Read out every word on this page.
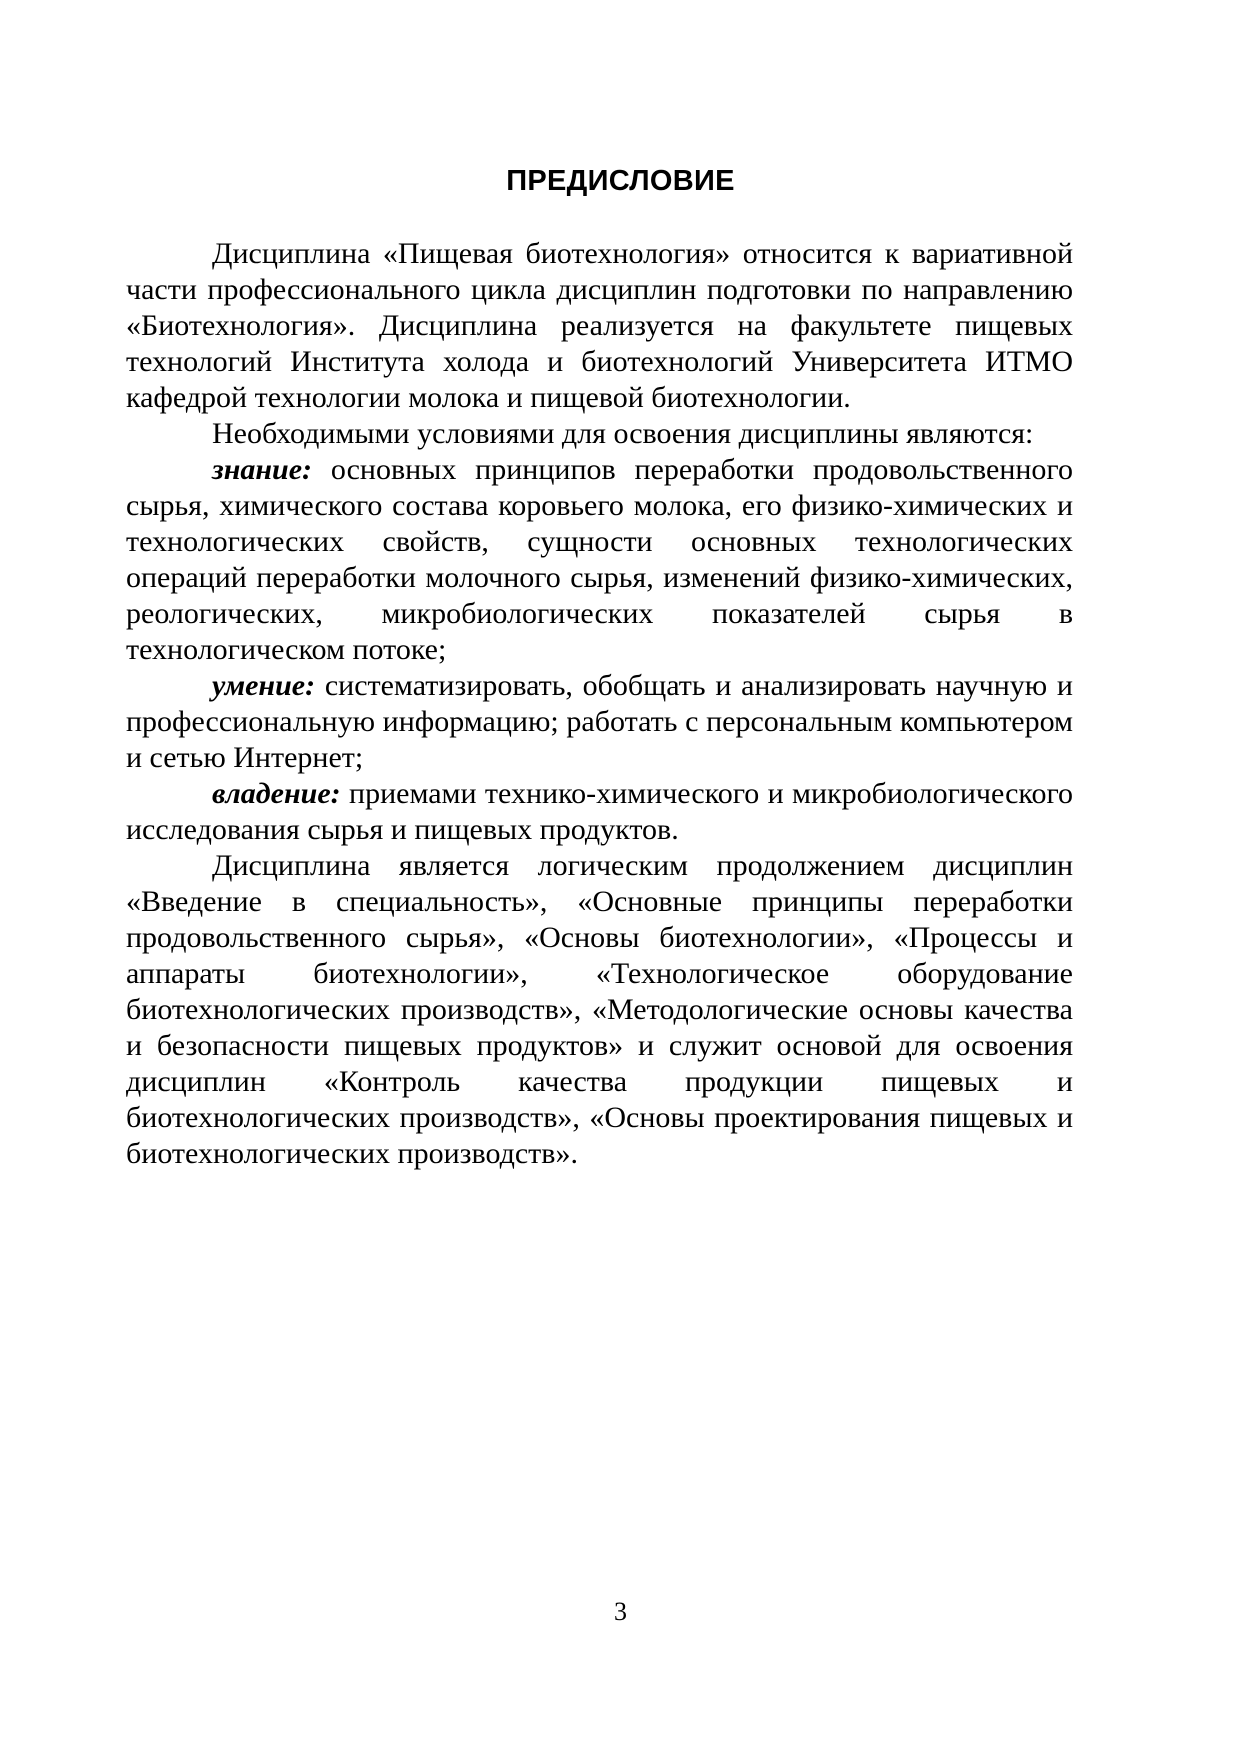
ПРЕДИСЛОВИЕ

Дисциплина «Пищевая биотехнология» относится к вариативной части профессионального цикла дисциплин подготовки по направлению «Биотехнология». Дисциплина реализуется на факультете пищевых технологий Института холода и биотехнологий Университета ИТМО кафедрой технологии молока и пищевой биотехнологии.

Необходимыми условиями для освоения дисциплины являются:

знание: основных принципов переработки продовольственного сырья, химического состава коровьего молока, его физико-химических и технологических свойств, сущности основных технологических операций переработки молочного сырья, изменений физико-химических, реологических, микробиологических показателей сырья в технологическом потоке;

умение: систематизировать, обобщать и анализировать научную и профессиональную информацию; работать с персональным компьютером и сетью Интернет;

владение: приемами технико-химического и микробиологического исследования сырья и пищевых продуктов.

Дисциплина является логическим продолжением дисциплин «Введение в специальность», «Основные принципы переработки продовольственного сырья», «Основы биотехнологии», «Процессы и аппараты биотехнологии», «Технологическое оборудование биотехнологических производств», «Методологические основы качества и безопасности пищевых продуктов» и служит основой для освоения дисциплин «Контроль качества продукции пищевых и биотехнологических производств», «Основы проектирования пищевых и биотехнологических производств».

3
